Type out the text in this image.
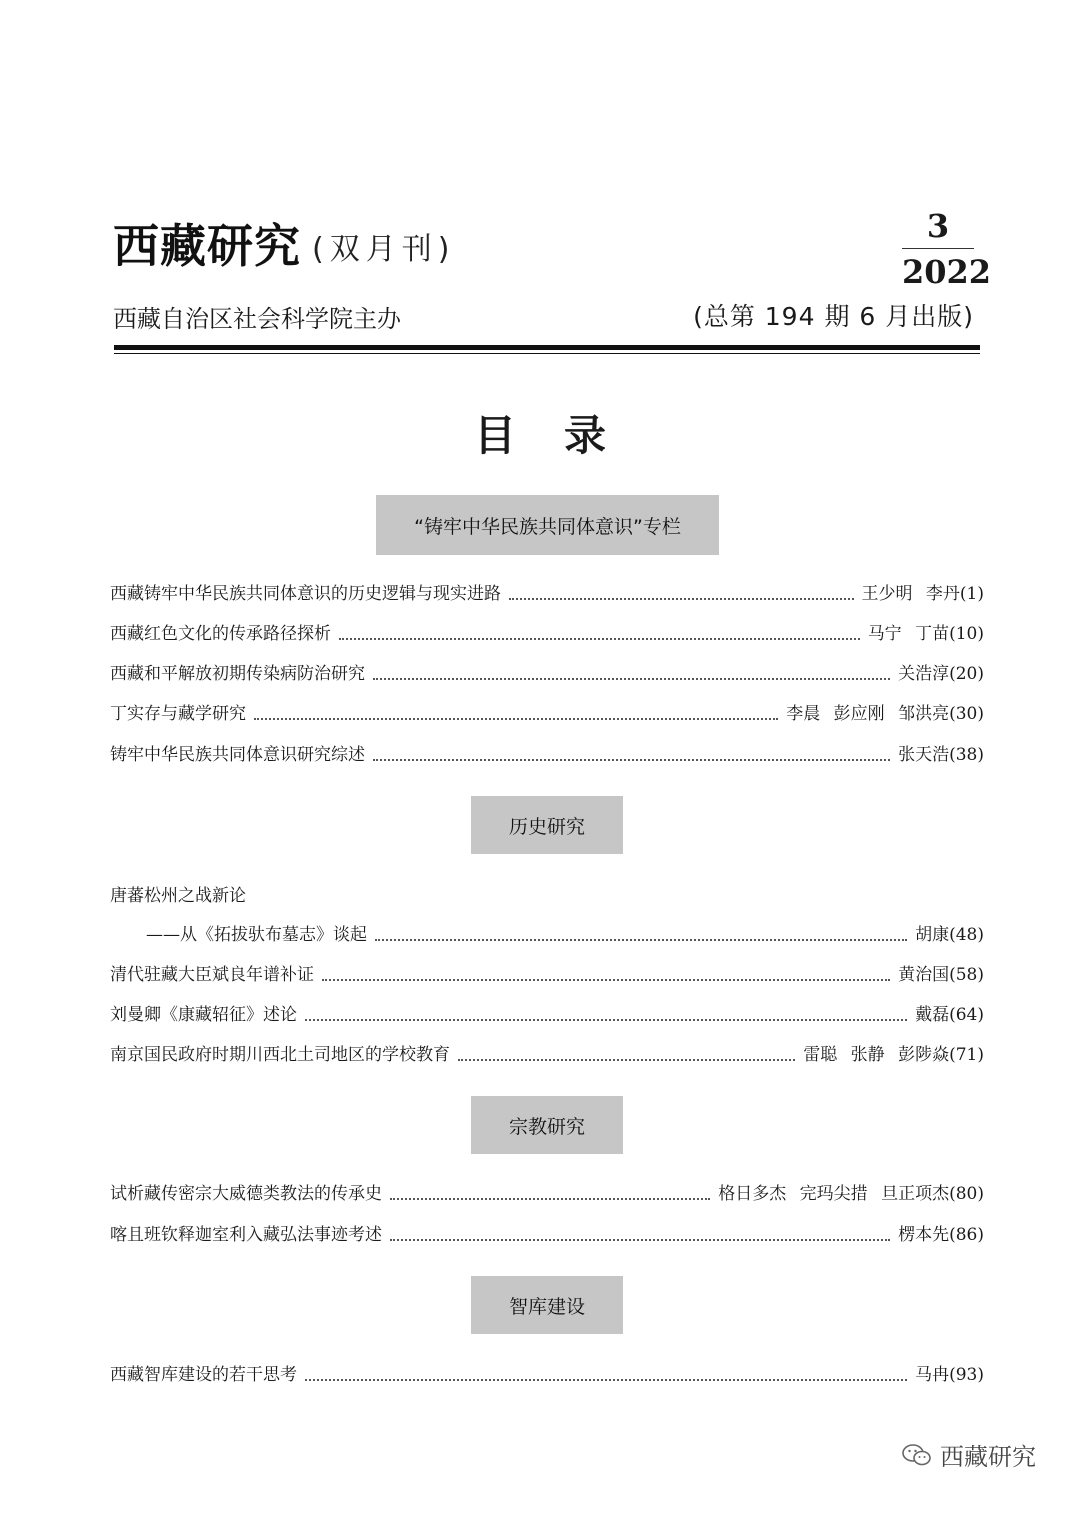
西藏研究 (双月刊)
3
2022
西藏自治区社会科学院主办	(总第 194 期 6 月出版)
目 录
“铸牢中华民族共同体意识”专栏
西藏铸牢中华民族共同体意识的历史逻辑与现实进路	王少明 李丹(1)
西藏红色文化的传承路径探析	马宁 丁苗(10)
西藏和平解放初期传染病防治研究	关浩淳(20)
丁实存与藏学研究	李晨 彭应刚 邹洪亮(30)
铸牢中华民族共同体意识研究综述	张天浩(38)
历史研究
唐蕃松州之战新论
——从《拓拔驮布墓志》谈起	胡康(48)
清代驻藏大臣斌良年谱补证	黄治国(58)
刘曼卿《康藏轺征》述论	戴磊(64)
南京国民政府时期川西北土司地区的学校教育	雷聪 张静 彭陟焱(71)
宗教研究
试析藏传密宗大威德类教法的传承史	格日多杰 完玛尖措 旦正项杰(80)
喀且班钦释迦室利入藏弘法事迹考述	楞本先(86)
智库建设
西藏智库建设的若干思考	马冉(93)
西藏研究
